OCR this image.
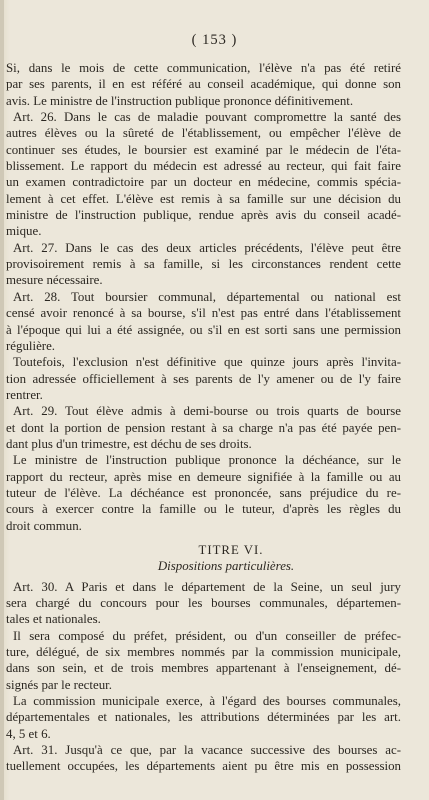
( 153 )
Si, dans le mois de cette communication, l'élève n'a pas été retiré
par ses parents, il en est référé au conseil académique, qui donne son
avis. Le ministre de l'instruction publique prononce définitivement.
Art. 26. Dans le cas de maladie pouvant compromettre la santé des
autres élèves ou la sûreté de l'établissement, ou empêcher l'élève de
continuer ses études, le boursier est examiné par le médecin de l'éta-
blissement. Le rapport du médecin est adressé au recteur, qui fait faire
un examen contradictoire par un docteur en médecine, commis spécia-
lement à cet effet. L'élève est remis à sa famille sur une décision du
ministre de l'instruction publique, rendue après avis du conseil acadé-
mique.
Art. 27. Dans le cas des deux articles précédents, l'élève peut être
provisoirement remis à sa famille, si les circonstances rendent cette
mesure nécessaire.
Art. 28. Tout boursier communal, départemental ou national est
censé avoir renoncé à sa bourse, s'il n'est pas entré dans l'établissement
à l'époque qui lui a été assignée, ou s'il en est sorti sans une permission
régulière.
Toutefois, l'exclusion n'est définitive que quinze jours après l'invita-
tion adressée officiellement à ses parents de l'y amener ou de l'y faire
rentrer.
Art. 29. Tout élève admis à demi-bourse ou trois quarts de bourse
et dont la portion de pension restant à sa charge n'a pas été payée pen-
dant plus d'un trimestre, est déchu de ses droits.
Le ministre de l'instruction publique prononce la déchéance, sur le
rapport du recteur, après mise en demeure signifiée à la famille ou au
tuteur de l'élève. La déchéance est prononcée, sans préjudice du re-
cours à exercer contre la famille ou le tuteur, d'après les règles du
droit commun.
TITRE VI.
Dispositions particulières.
Art. 30. A Paris et dans le département de la Seine, un seul jury
sera chargé du concours pour les bourses communales, départemen-
tales et nationales.
Il sera composé du préfet, président, ou d'un conseiller de préfec-
ture, délégué, de six membres nommés par la commission municipale,
dans son sein, et de trois membres appartenant à l'enseignement, dé-
signés par le recteur.
La commission municipale exerce, à l'égard des bourses communales,
départementales et nationales, les attributions déterminées par les art.
4, 5 et 6.
Art. 31. Jusqu'à ce que, par la vacance successive des bourses ac-
tuellement occupées, les départements aient pu être mis en possession
